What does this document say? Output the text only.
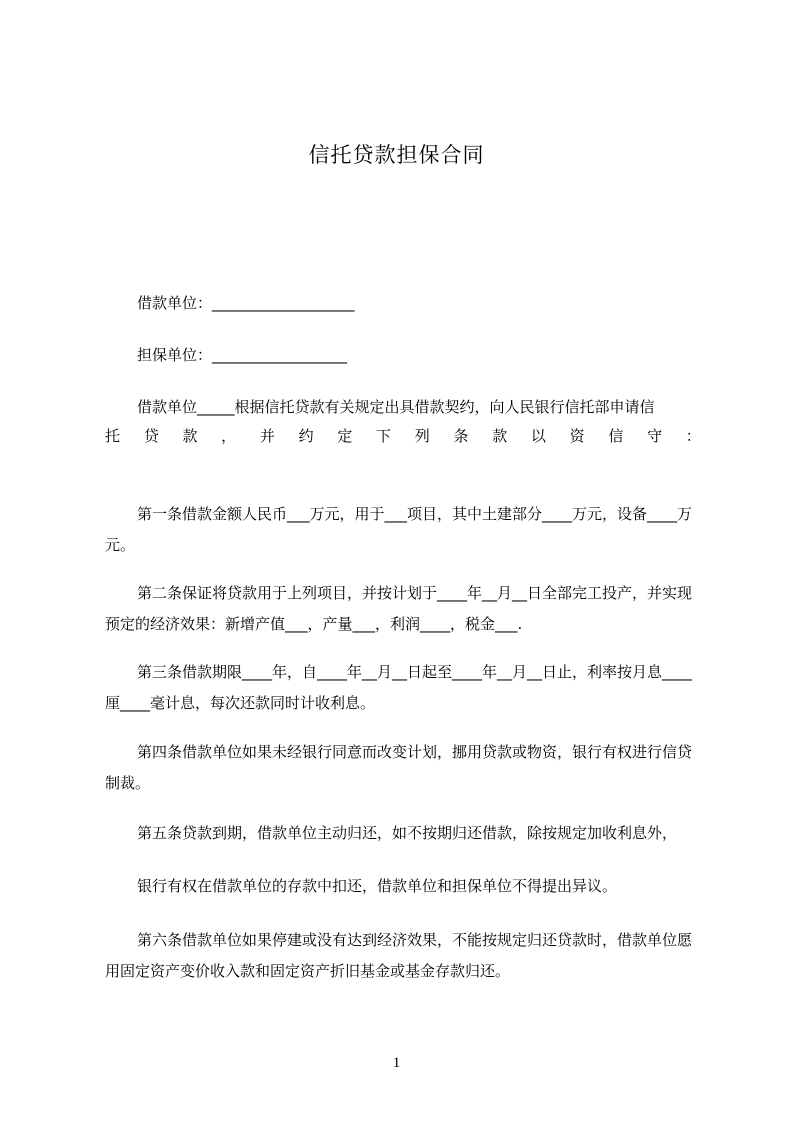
信托贷款担保合同
借款单位：___________________
担保单位：__________________
借款单位_____根据信托贷款有关规定出具借款契约，向人民银行信托部申请信
托 贷 款 ， 并 约 定 下 列 条 款 以 资 信 守 ：
第一条借款金额人民币___万元，用于___项目，其中土建部分____万元，设备____万元。
第二条保证将贷款用于上列项目，并按计划于____年__月__日全部完工投产，并实现预定的经济效果：新增产值___，产量___，利润____，税金___.
第三条借款期限____年，自____年__月__日起至____年__月__日止，利率按月息____厘____毫计息，每次还款同时计收利息。
第四条借款单位如果未经银行同意而改变计划，挪用贷款或物资，银行有权进行信贷制裁。
第五条贷款到期，借款单位主动归还，如不按期归还借款，除按规定加收利息外，
银行有权在借款单位的存款中扣还，借款单位和担保单位不得提出异议。
第六条借款单位如果停建或没有达到经济效果，不能按规定归还贷款时，借款单位愿用固定资产变价收入款和固定资产折旧基金或基金存款归还。
1
